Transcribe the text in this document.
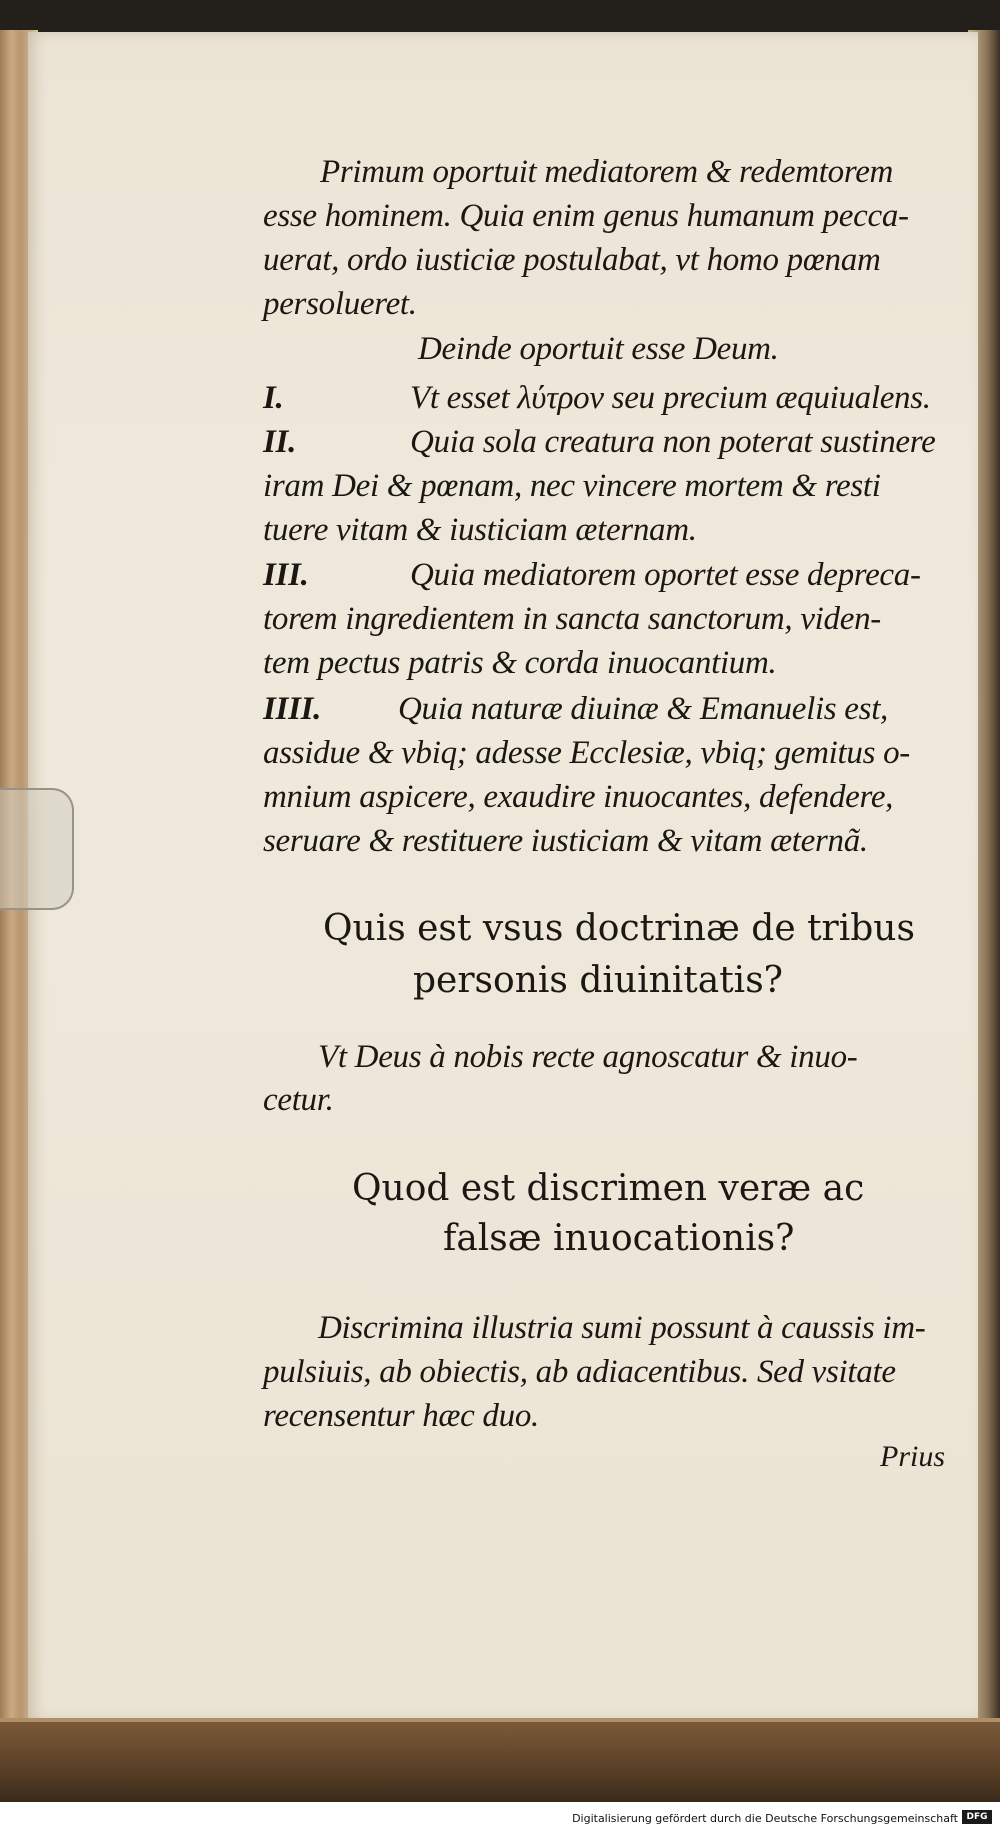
Primum oportuit mediatorem & redemtorem
esse hominem. Quia enim genus humanum pecca-
uerat, ordo iusticiæ postulabat, vt homo pœnam
persolueret.
Deinde oportuit esse Deum.
I.	Vt esset λύτρον seu precium æquiualens.
II.	Quia sola creatura non poterat sustinere
iram Dei & pœnam, nec vincere mortem & resti
tuere vitam & iusticiam æternam.
III.	Quia mediatorem oportet esse depreca-
torem ingredientem in sancta sanctorum, viden-
tem pectus patris & corda inuocantium.
IIII. Quia naturæ diuinæ & Emanuelis est,
assidue & vbiq; adesse Ecclesiæ, vbiq; gemitus o-
mnium aspicere, exaudire inuocantes, defendere,
seruare & restituere iusticiam & vitam æternã.
Quis est vsus doctrinæ de tribus
personis diuinitatis?
Vt Deus à nobis recte agnoscatur & inuo-
cetur.
Quod est discrimen veræ ac
falsæ inuocationis?
Discrimina illustria sumi possunt à caussis im-
pulsiuis, ab obiectis, ab adiacentibus. Sed vsitate
recensentur hæc duo.
Prius
Digitalisierung gefördert durch die Deutsche Forschungsgemeinschaft DFG
